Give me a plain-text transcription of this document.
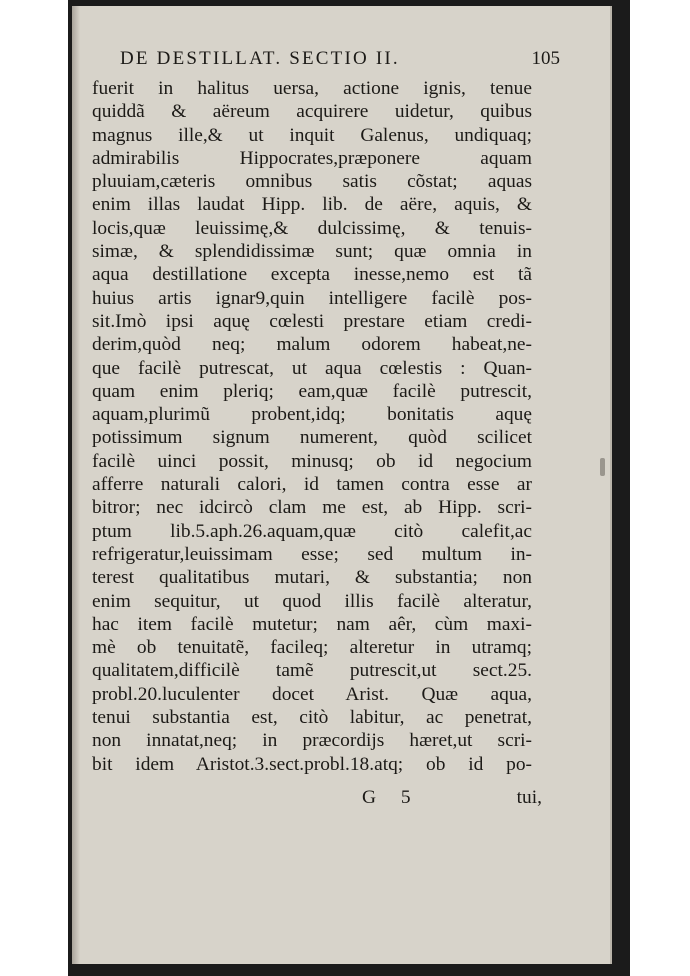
DE DESTILLAT. SECTIO II.	105
fuerit in halitus uersa, actione ignis, tenue
quiddã & aëreum acquirere uidetur, quibus
magnus ille,& ut inquit Galenus, undiquaq;
admirabilis Hippocrates,præponere aquam
pluuiam,cæteris omnibus satis cõstat; aquas
enim illas laudat Hipp. lib. de aëre, aquis, &
locis,quæ leuissimę,& dulcissimę, & tenuis-
simæ, & splendidissimæ sunt; quæ omnia in
aqua destillatione excepta inesse,nemo est tã
huius artis ignar9,quin intelligere facilè pos-
sit.Imò ipsi aquę cœlesti prestare etiam credi-
derim,quòd neq; malum odorem habeat,ne-
que facilè putrescat, ut aqua cœlestis : Quan-
quam enim pleriq; eam,quæ facilè putrescit,
aquam,plurimũ probent,idq; bonitatis aquę
potissimum signum numerent, quòd scilicet
facilè uinci possit, minusq; ob id negocium
afferre naturali calori, id tamen contra esse ar
bitror; nec idcircò clam me est, ab Hipp. scri-
ptum lib.5.aph.26.aquam,quæ citò calefit,ac
refrigeratur,leuissimam esse; sed multum in-
terest qualitatibus mutari, & substantia; non
enim sequitur, ut quod illis facilè alteratur,
hac item facilè mutetur; nam aêr, cùm maxi-
mè ob tenuitatẽ, facileq; alteretur in utramq;
qualitatem,difficilè tamẽ putrescit,ut sect.25.
probl.20.luculenter docet Arist. Quæ aqua,
tenui substantia est, citò labitur, ac penetrat,
non innatat,neq; in præcordijs hæret,ut scri-
bit idem Aristot.3.sect.probl.18.atq; ob id po-
G 5	tui,
